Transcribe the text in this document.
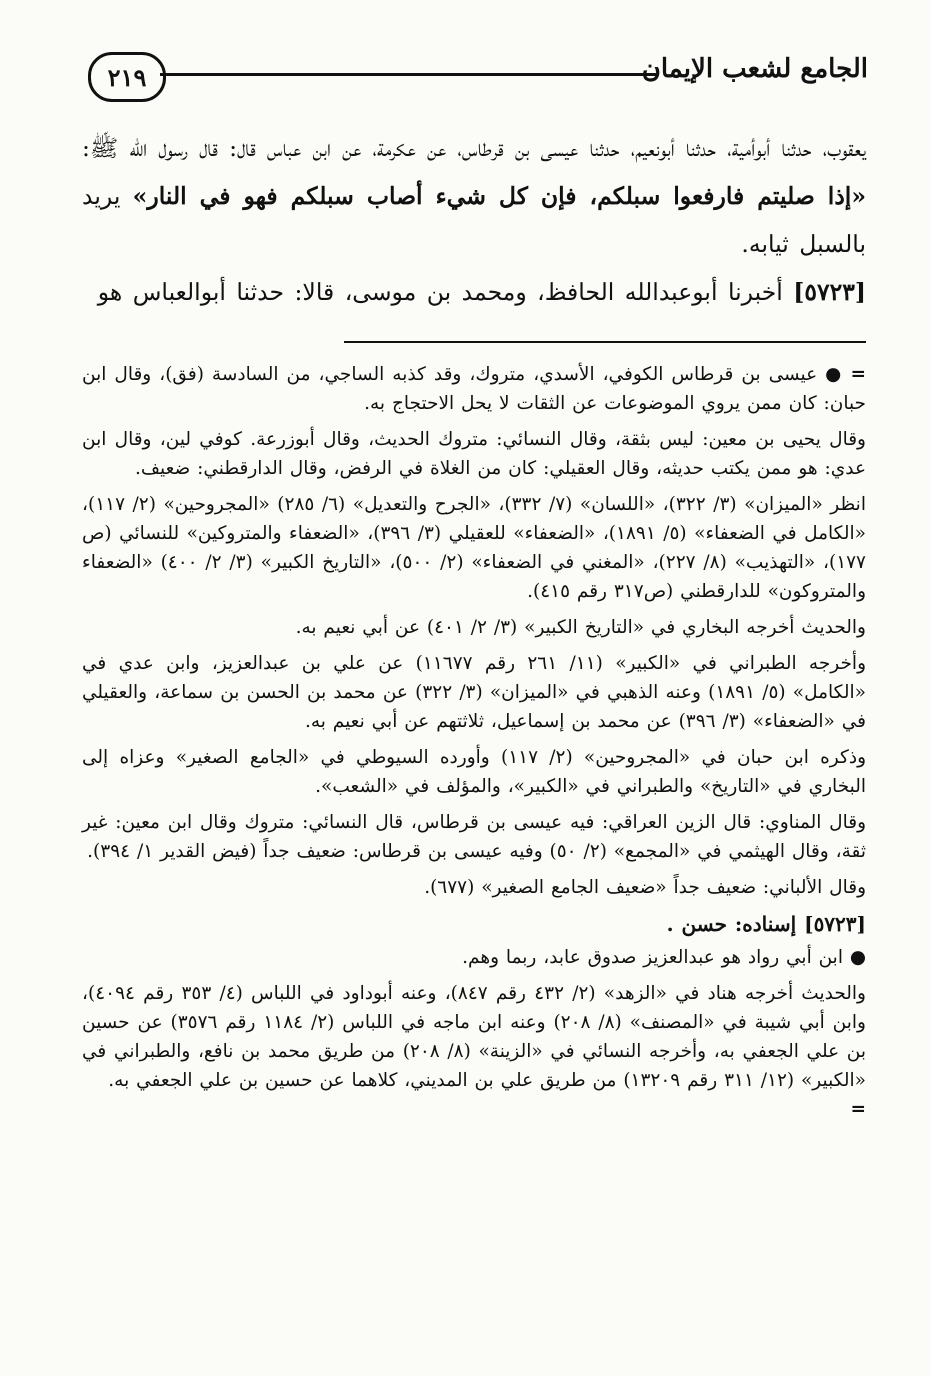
٢١٩	الجامع لشعب الإيمان

يعقوب، حدثنا أبوأمية، حدثنا أبونعيم، حدثنا عيسى بن قرطاس، عن عكرمة، عن ابن عباس قال: قال رسول الله ﷺ: «إذا صليتم فارفعوا سبلكم، فإن كل شيء أصاب سبلكم فهو في النار» يريد بالسبل ثيابه.

[٥٧٢٣] أخبرنا أبوعبدالله الحافظ، ومحمد بن موسى، قالا: حدثنا أبوالعباس هو

= ● عيسى بن قرطاس الكوفي، الأسدي، متروك، وقد كذبه الساجي، من السادسة (فق)، وقال ابن حبان: كان ممن يروي الموضوعات عن الثقات لا يحل الاحتجاج به.

وقال يحيى بن معين: ليس بثقة، وقال النسائي: متروك الحديث، وقال أبوزرعة. كوفي لين، وقال ابن عدي: هو ممن يكتب حديثه، وقال العقيلي: كان من الغلاة في الرفض، وقال الدارقطني: ضعيف.

انظر «الميزان» (٣/ ٣٢٢)، «اللسان» (٧/ ٣٣٢)، «الجرح والتعديل» (٦/ ٢٨٥) «المجروحين» (٢/ ١١٧)، «الكامل في الضعفاء» (٥/ ١٨٩١)، «الضعفاء» للعقيلي (٣/ ٣٩٦)، «الضعفاء والمتروكين» للنسائي (ص ١٧٧)، «التهذيب» (٨/ ٢٢٧)، «المغني في الضعفاء» (٢/ ٥٠٠)، «التاريخ الكبير» (٣/ ٢/ ٤٠٠) «الضعفاء والمتروكون» للدارقطني (ص٣١٧ رقم ٤١٥).

والحديث أخرجه البخاري في «التاريخ الكبير» (٣/ ٢/ ٤٠١) عن أبي نعيم به.

وأخرجه الطبراني في «الكبير» (١١/ ٢٦١ رقم ١١٦٧٧) عن علي بن عبدالعزيز، وابن عدي في «الكامل» (٥/ ١٨٩١) وعنه الذهبي في «الميزان» (٣/ ٣٢٢) عن محمد بن الحسن بن سماعة، والعقيلي في «الضعفاء» (٣/ ٣٩٦) عن محمد بن إسماعيل، ثلاثتهم عن أبي نعيم به.

وذكره ابن حبان في «المجروحين» (٢/ ١١٧) وأورده السيوطي في «الجامع الصغير» وعزاه إلى البخاري في «التاريخ» والطبراني في «الكبير»، والمؤلف في «الشعب».

وقال المناوي: قال الزين العراقي: فيه عيسى بن قرطاس، قال النسائي: متروك وقال ابن معين: غير ثقة، وقال الهيثمي في «المجمع» (٢/ ٥٠) وفيه عيسى بن قرطاس: ضعيف جداً (فيض القدير ١/ ٣٩٤).

وقال الألباني: ضعيف جداً «ضعيف الجامع الصغير» (٦٧٧).

[٥٧٢٣] إسناده: حسن .

● ابن أبي رواد هو عبدالعزيز صدوق عابد، ربما وهم.

والحديث أخرجه هناد في «الزهد» (٢/ ٤٣٢ رقم ٨٤٧)، وعنه أبوداود في اللباس (٤/ ٣٥٣ رقم ٤٠٩٤)، وابن أبي شيبة في «المصنف» (٨/ ٢٠٨) وعنه ابن ماجه في اللباس (٢/ ١١٨٤ رقم ٣٥٧٦) عن حسين بن علي الجعفي به، وأخرجه النسائي في «الزينة» (٨/ ٢٠٨) من طريق محمد بن نافع، والطبراني في «الكبير» (١٢/ ٣١١ رقم ١٣٢٠٩) من طريق علي بن المديني، كلاهما عن حسين بن علي الجعفي به.
=
